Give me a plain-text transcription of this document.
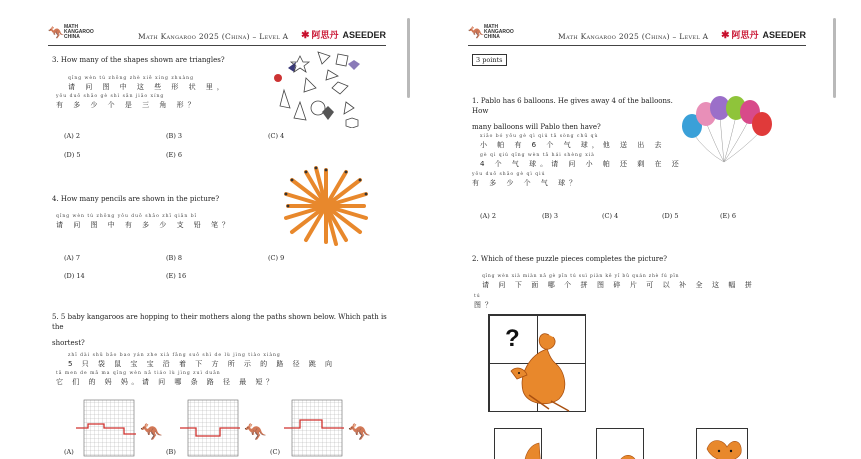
🦘 MATH
KANGAROO
CHINA	Math Kangaroo 2025 (China) – Level A ✱ 阿思丹 ASEEDER
3. How many of the shapes shown are triangles?
qǐng wèn tú zhōng zhè xiē xíng zhuàng
请 问 图 中 这 些 形 状 里，
yǒu duō shǎo gè shì sān jiǎo xíng
有 多 少 个 是 三 角 形？
(A) 2	(B) 3	(C) 4
(D) 5	(E) 6
4. How many pencils are shown in the picture?
qǐng wèn tú zhōng yǒu duō shǎo zhī qiān bǐ
请 问 图 中 有 多 少 支 铅 笔？
(A) 7	(B) 8	(C) 9
(D) 14	(E) 16
5. 5 baby kangaroos are hopping to their mothers along the paths shown below. Which path is the
shortest?
zhī dài shǔ bǎo bao yán zhe xià fāng suǒ shì de lù jìng tiào xiàng
5 只 袋 鼠 宝 宝 沿 着 下 方 所 示 的 路 径 跳 向
tā men de mā ma qǐng wèn nǎ tiáo lù jìng zuì duǎn
它 们 的 妈 妈。请 问 哪 条 路 径 最 短？
🦘	🦘	🦘
(A)	(B)	(C)
🦘 MATH
KANGAROO
CHINA	Math Kangaroo 2025 (China) – Level A ✱ 阿思丹 ASEEDER
3 points
1. Pablo has 6 balloons. He gives away 4 of the balloons. How
many balloons will Pablo then have?
xiǎo bó yǒu gè qì qiú tā sòng chū qù
小 帕 有 6 个 气 球，他 送 出 去
gè qì qiú qǐng wèn tā hái shèng xià
4 个 气 球。请 问 小 帕 还 剩 在 还
yǒu duō shǎo gè qì qiú
有 多 少 个 气 球？
(A) 2	(B) 3	(C) 4	(D) 5	(E) 6
2. Which of these puzzle pieces completes the picture?
qǐng wèn xià miàn nǎ gè pīn tú suì piàn kě yǐ bǔ quán zhè fú pīn
请 问 下 面 哪 个 拼 图 碎 片 可 以 补 全 这 幅 拼
tú
图？
?
